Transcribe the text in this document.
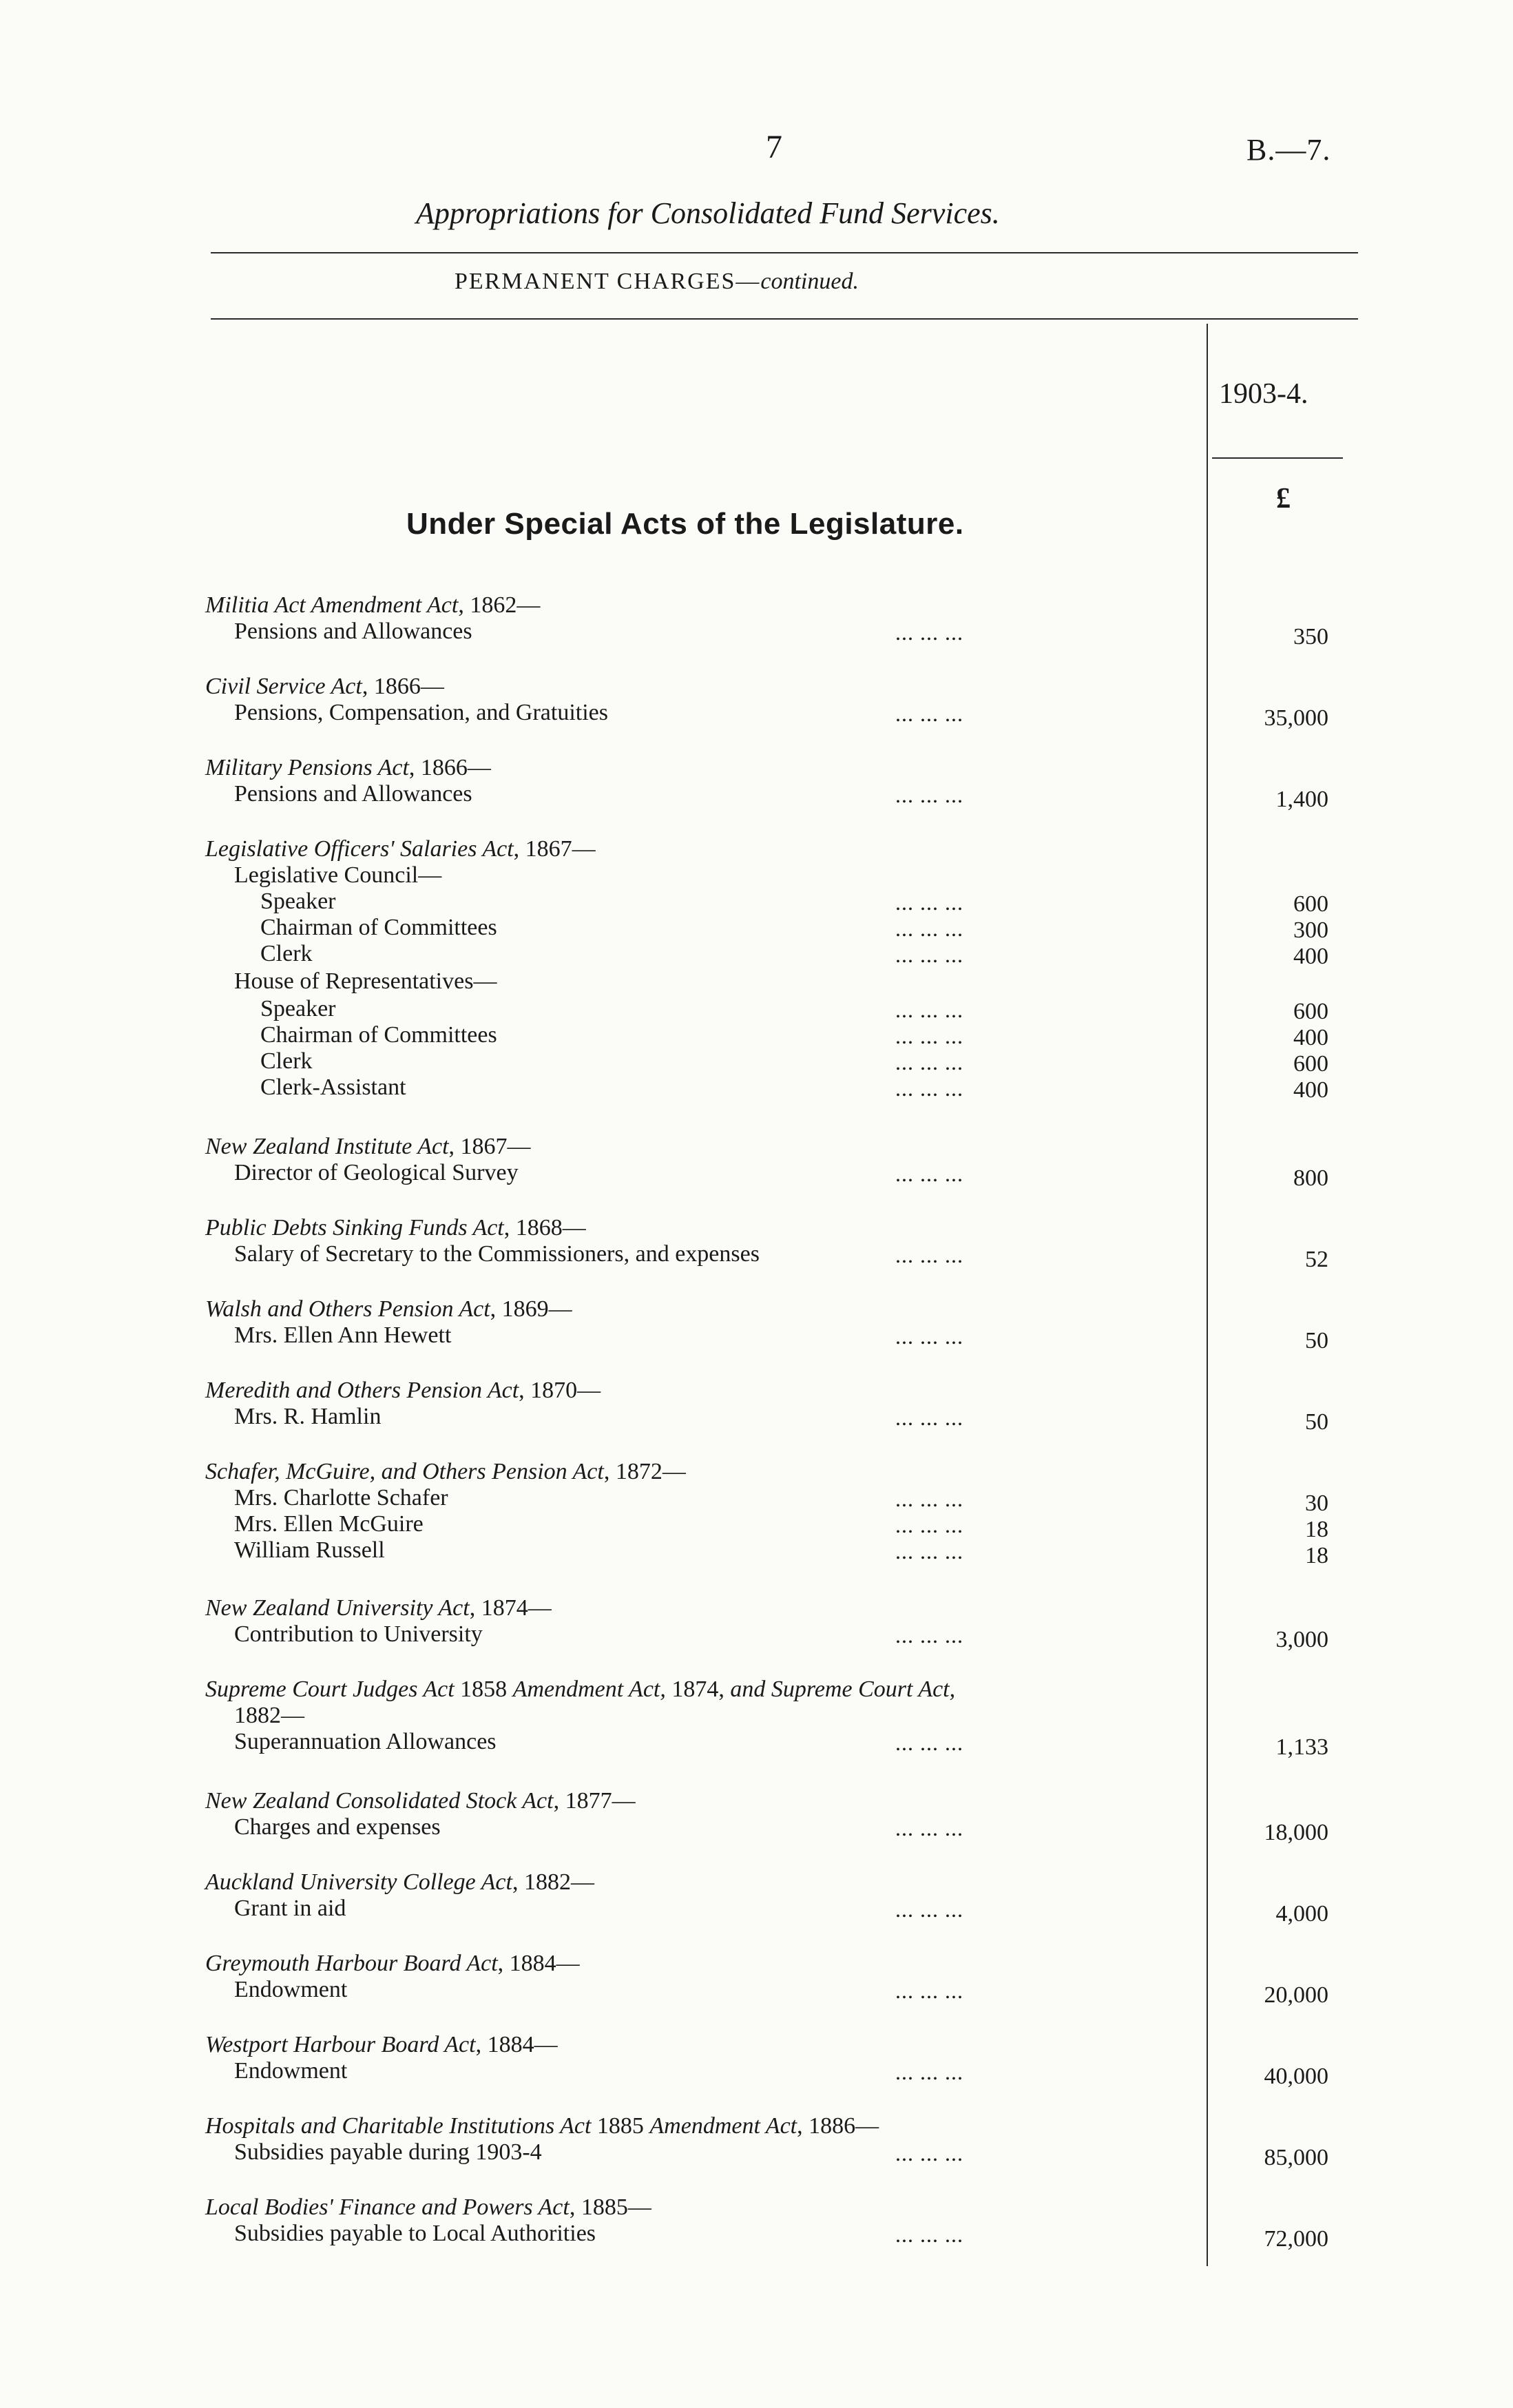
7	B.—7.
Appropriations for Consolidated Fund Services.
PERMANENT CHARGES—continued.
1903-4.
£
Under Special Acts of the Legislature.
Militia Act Amendment Act, 1862—
Pensions and Allowances	... ... ...	350
Civil Service Act, 1866—
Pensions, Compensation, and Gratuities	... ... ...	35,000
Military Pensions Act, 1866—
Pensions and Allowances	... ... ...	1,400
Legislative Officers' Salaries Act, 1867—
Legislative Council—
Speaker	... ... ...	600
Chairman of Committees	... ... ...	300
Clerk	... ... ...	400
House of Representatives—
Speaker	... ... ...	600
Chairman of Committees	... ... ...	400
Clerk	... ... ...	600
Clerk-Assistant	... ... ...	400
New Zealand Institute Act, 1867—
Director of Geological Survey	... ... ...	800
Public Debts Sinking Funds Act, 1868—
Salary of Secretary to the Commissioners, and expenses	... ... ...	52
Walsh and Others Pension Act, 1869—
Mrs. Ellen Ann Hewett	... ... ...	50
Meredith and Others Pension Act, 1870—
Mrs. R. Hamlin	... ... ...	50
Schafer, McGuire, and Others Pension Act, 1872—
Mrs. Charlotte Schafer	... ... ...	30
Mrs. Ellen McGuire	... ... ...	18
William Russell	... ... ...	18
New Zealand University Act, 1874—
Contribution to University	... ... ...	3,000
Supreme Court Judges Act 1858 Amendment Act, 1874, and Supreme Court Act,
1882—
Superannuation Allowances	... ... ...	1,133
New Zealand Consolidated Stock Act, 1877—
Charges and expenses	... ... ...	18,000
Auckland University College Act, 1882—
Grant in aid	... ... ...	4,000
Greymouth Harbour Board Act, 1884—
Endowment	... ... ...	20,000
Westport Harbour Board Act, 1884—
Endowment	... ... ...	40,000
Hospitals and Charitable Institutions Act 1885 Amendment Act, 1886—
Subsidies payable during 1903-4	... ... ...	85,000
Local Bodies' Finance and Powers Act, 1885—
Subsidies payable to Local Authorities	... ... ...	72,000
